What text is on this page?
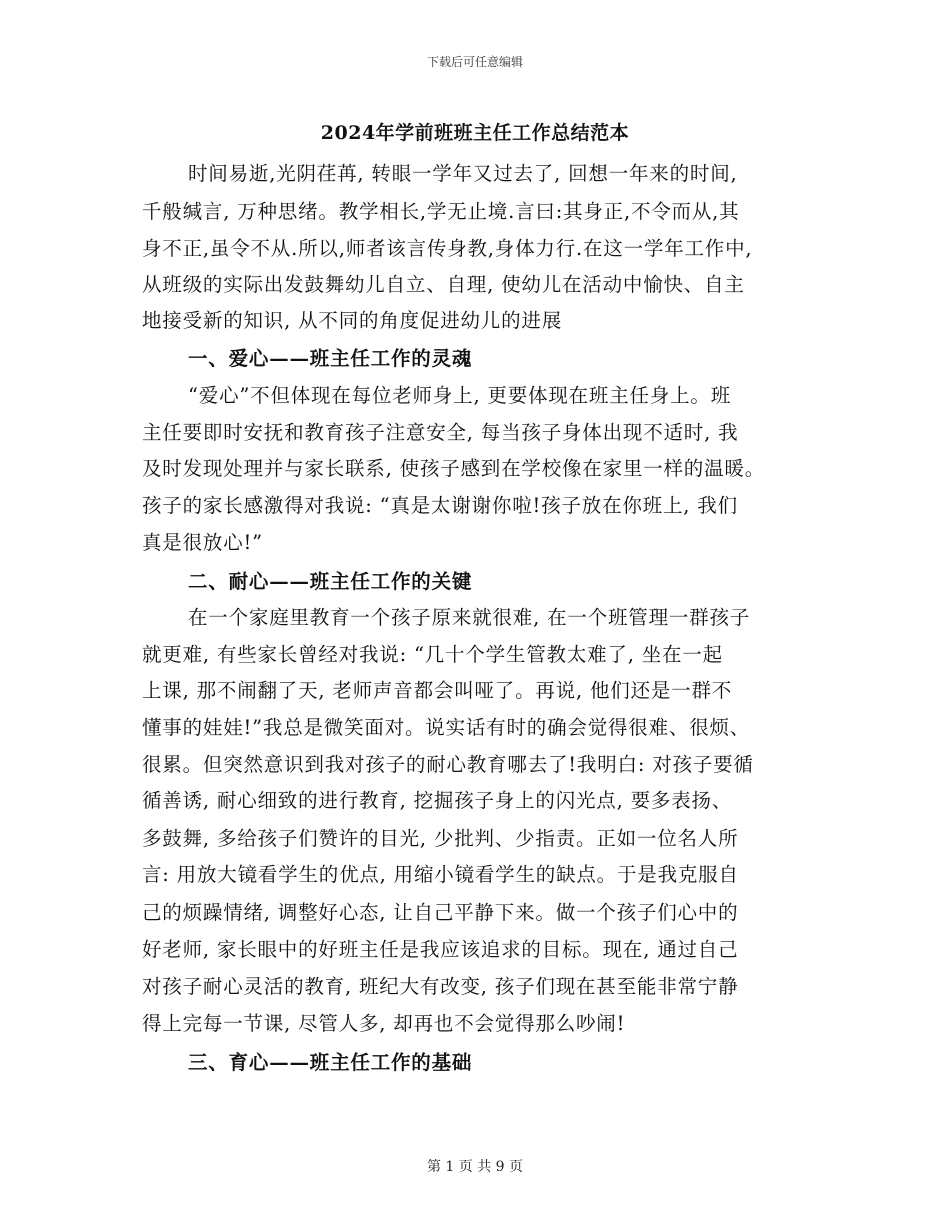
下载后可任意编辑
2024年学前班班主任工作总结范本
时间易逝,光阴荏苒, 转眼一学年又过去了, 回想一年来的时间,
千般缄言, 万种思绪。教学相长,学无止境.言曰:其身正,不令而从,其
身不正,虽令不从.所以,师者该言传身教,身体力行.在这一学年工作中,
从班级的实际出发鼓舞幼儿自立、自理, 使幼儿在活动中愉快、自主
地接受新的知识, 从不同的角度促进幼儿的进展
一、爱心——班主任工作的灵魂
“爱心”不但体现在每位老师身上, 更要体现在班主任身上。班
主任要即时安抚和教育孩子注意安全, 每当孩子身体出现不适时, 我
及时发现处理并与家长联系, 使孩子感到在学校像在家里一样的温暖。
孩子的家长感激得对我说: “真是太谢谢你啦!孩子放在你班上, 我们
真是很放心!”
二、耐心——班主任工作的关键
在一个家庭里教育一个孩子原来就很难, 在一个班管理一群孩子
就更难, 有些家长曾经对我说: “几十个学生管教太难了, 坐在一起
上课, 那不闹翻了天, 老师声音都会叫哑了。再说, 他们还是一群不
懂事的娃娃!”我总是微笑面对。说实话有时的确会觉得很难、很烦、
很累。但突然意识到我对孩子的耐心教育哪去了!我明白: 对孩子要循
循善诱, 耐心细致的进行教育, 挖掘孩子身上的闪光点, 要多表扬、
多鼓舞, 多给孩子们赞许的目光, 少批判、少指责。正如一位名人所
言: 用放大镜看学生的优点, 用缩小镜看学生的缺点。于是我克服自
己的烦躁情绪, 调整好心态, 让自己平静下来。做一个孩子们心中的
好老师, 家长眼中的好班主任是我应该追求的目标。现在, 通过自己
对孩子耐心灵活的教育, 班纪大有改变, 孩子们现在甚至能非常宁静
得上完每一节课, 尽管人多, 却再也不会觉得那么吵闹!
三、育心——班主任工作的基础
第 1 页 共 9 页
